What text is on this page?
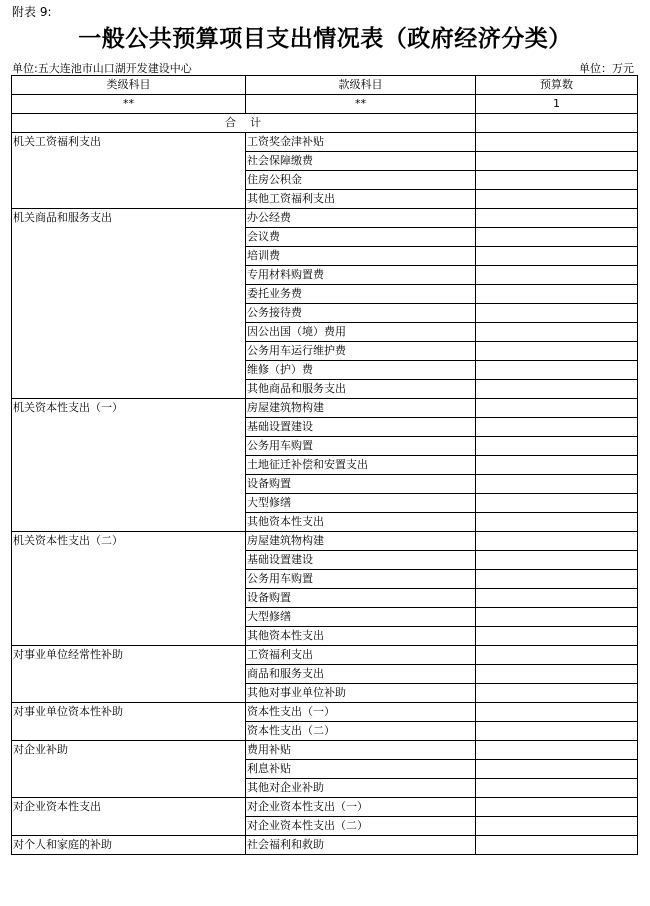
附表 9:
一般公共预算项目支出情况表（政府经济分类）
单位:五大连池市山口湖开发建设中心	单位：万元
类级科目	款级科目	预算数
**	**	1
合计		
机关工资福利支出	工资奖金津补贴	
	社会保障缴费	
	住房公积金	
	其他工资福利支出	
机关商品和服务支出	办公经费	
	会议费	
	培训费	
	专用材料购置费	
	委托业务费	
	公务接待费	
	因公出国（境）费用	
	公务用车运行维护费	
	维修（护）费	
	其他商品和服务支出	
机关资本性支出（一）	房屋建筑物构建	
	基础设置建设	
	公务用车购置	
	土地征迁补偿和安置支出	
	设备购置	
	大型修缮	
	其他资本性支出	
机关资本性支出（二）	房屋建筑物构建	
	基础设置建设	
	公务用车购置	
	设备购置	
	大型修缮	
	其他资本性支出	
对事业单位经常性补助	工资福利支出	
	商品和服务支出	
	其他对事业单位补助	
对事业单位资本性补助	资本性支出（一）	
	资本性支出（二）	
对企业补助	费用补贴	
	利息补贴	
	其他对企业补助	
对企业资本性支出	对企业资本性支出（一）	
	对企业资本性支出（二）	
对个人和家庭的补助	社会福利和救助	
